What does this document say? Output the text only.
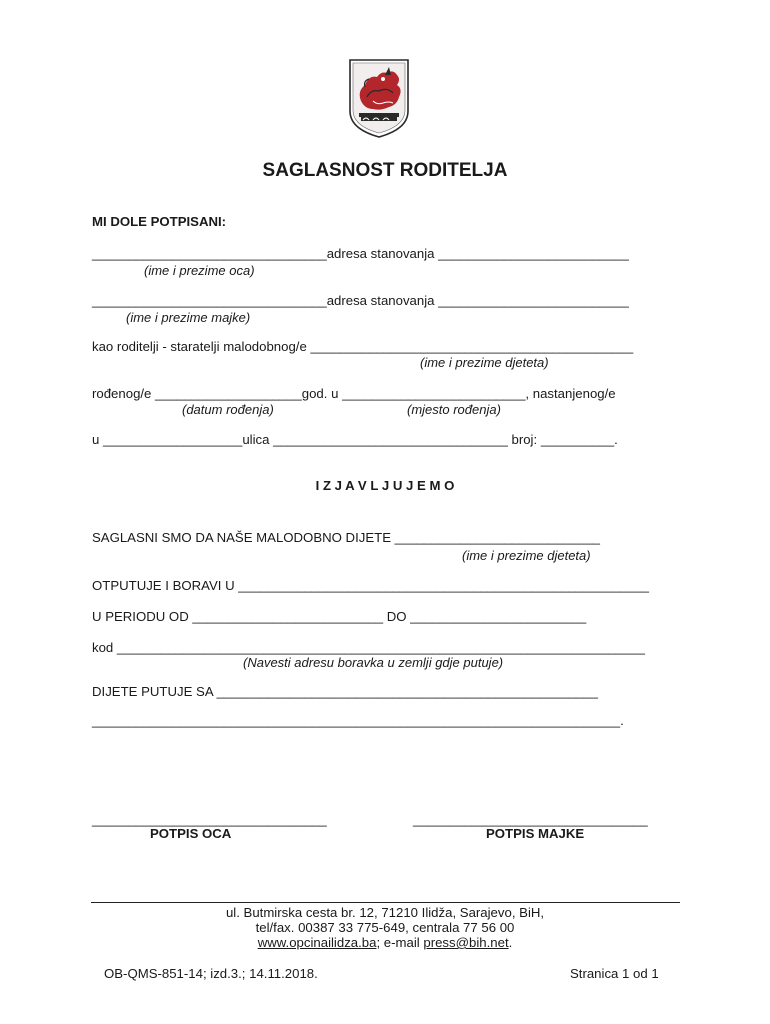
SAGLASNOST RODITELJA
MI DOLE POTPISANI:
________________________________adresa stanovanja __________________________
(ime i prezime oca)
________________________________adresa stanovanja __________________________
(ime i prezime majke)
kao roditelji - staratelji malodobnog/e ____________________________________________
(ime i prezime djeteta)
rođenog/e ____________________god. u _________________________, nastanjenog/e
(datum rođenja)	(mjesto rođenja)
u ___________________ulica ________________________________ broj: __________.
I Z J A V L J U J E M O
SAGLASNI SMO DA NAŠE MALODOBNO DIJETE ____________________________
(ime i prezime djeteta)
OTPUTUJE I BORAVI U ________________________________________________________
U PERIODU OD __________________________ DO ________________________
kod ________________________________________________________________________
(Navesti adresu boravka u zemlji gdje putuje)
DIJETE PUTUJE SA ____________________________________________________
________________________________________________________________________.
________________________________
POTPIS OCA
________________________________
POTPIS MAJKE
ul. Butmirska cesta br. 12, 71210 Ilidža, Sarajevo, BiH,
tel/fax. 00387 33 775-649, centrala 77 56 00
www.opcinailidza.ba; e-mail press@bih.net.
OB-QMS-851-14; izd.3.; 14.11.2018.	Stranica 1 od 1
